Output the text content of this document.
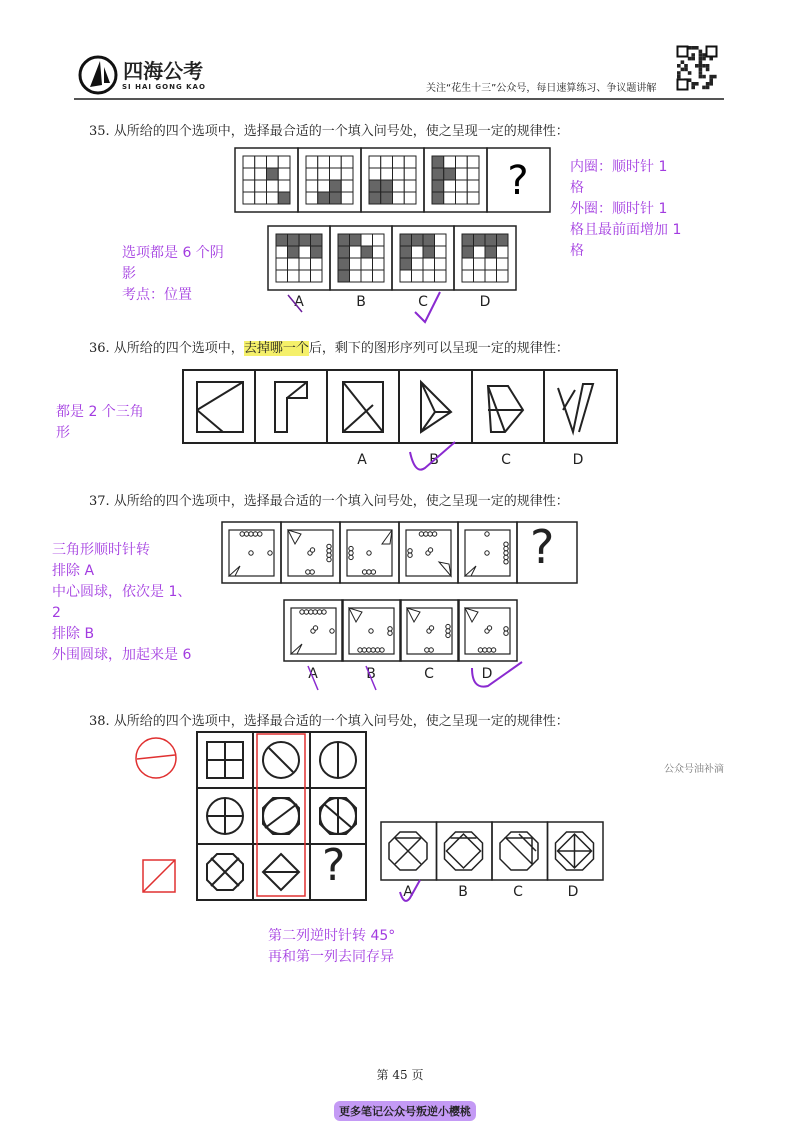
四海公考
SI HAI GONG KAO	关注“花生十三”公众号，每日速算练习、争议题讲解
35. 从所给的四个选项中，选择最合适的一个填入问号处，使之呈现一定的规律性：
?
A	B	C	D
选项都是 6 个阴
影
考点：位置
内圈：顺时针 1
格
外圈：顺时针 1
格且最前面增加 1
格
36. 从所给的四个选项中，去掉哪一个后，剩下的图形序列可以呈现一定的规律性：
A	B	C	D
都是 2 个三角
形
37. 从所给的四个选项中，选择最合适的一个填入问号处，使之呈现一定的规律性：
?
A	B	C	D
三角形顺时针转
排除 A
中心圆球，依次是 1、
2
排除 B
外围圆球，加起来是 6
38. 从所给的四个选项中，选择最合适的一个填入问号处，使之呈现一定的规律性：
?
A	B	C	D
第二列逆时针转 45°
再和第一列去同存异
公众号油补滴
第 45 页
更多笔记公众号叛逆小樱桃
